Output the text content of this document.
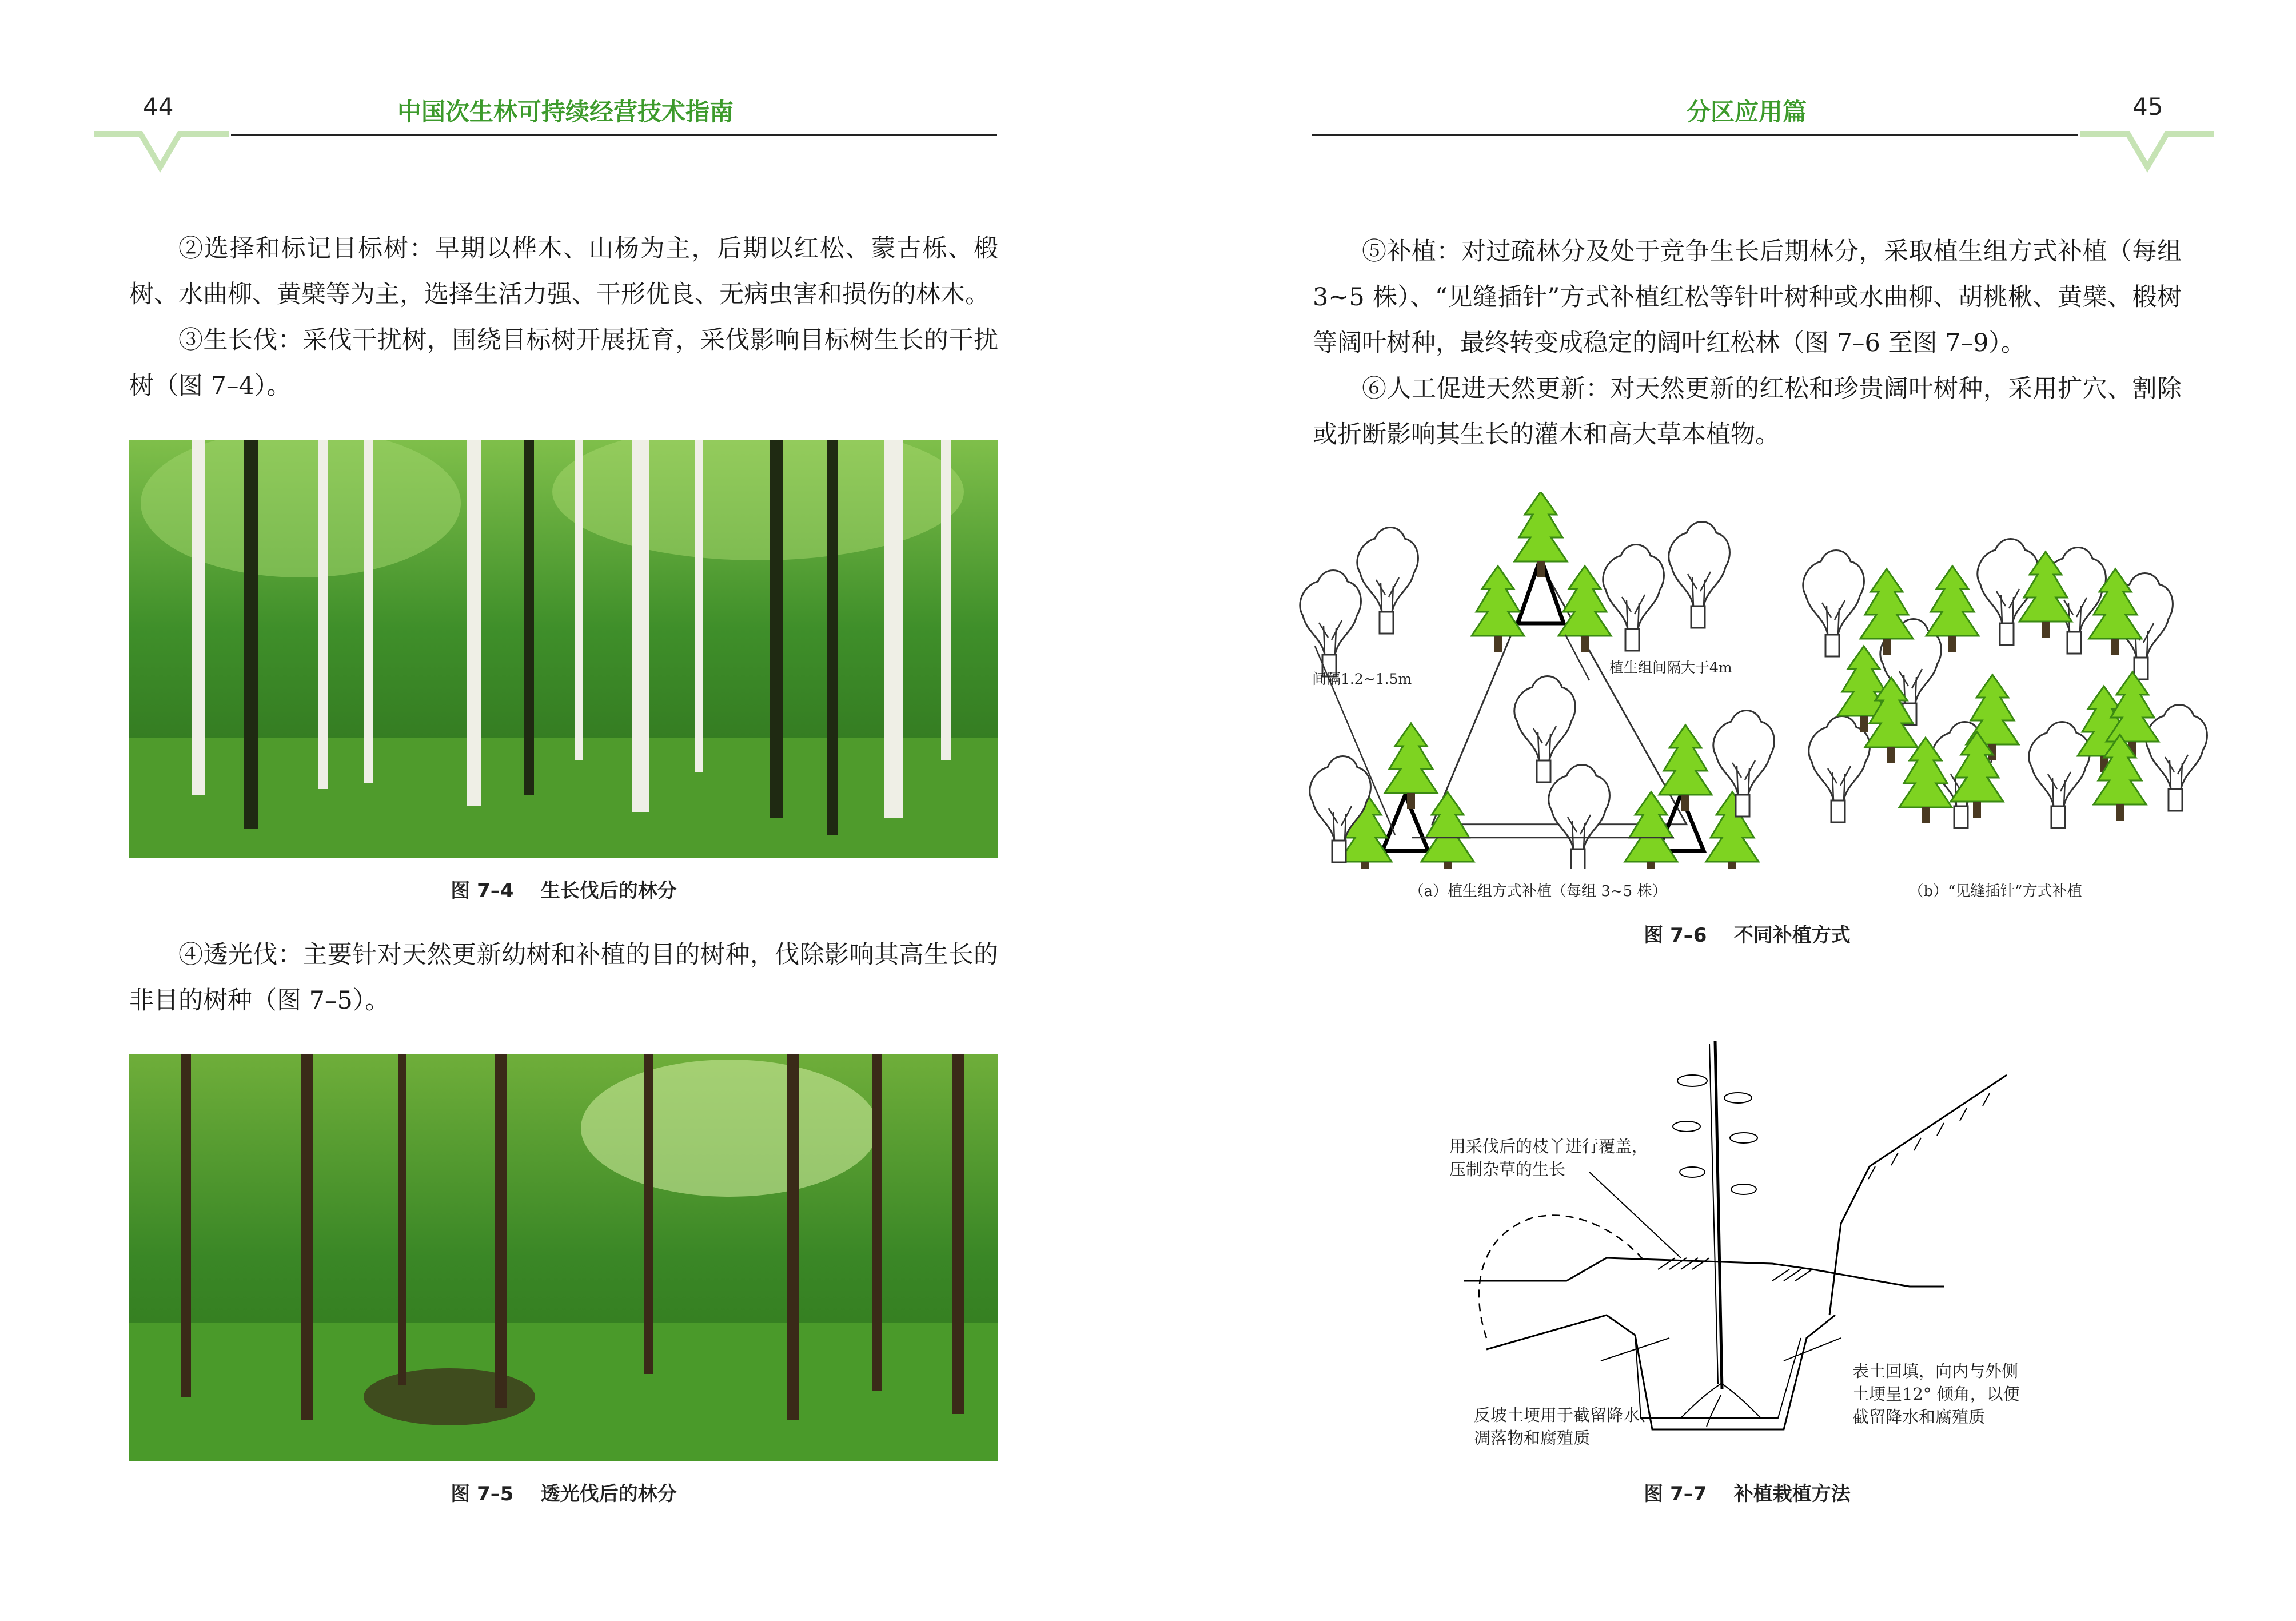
44	中国次生林可持续经营技术指南

②选择和标记目标树：早期以桦木、山杨为主，后期以红松、蒙古栎、椴树、水曲柳、黄檗等为主，选择生活力强、干形优良、无病虫害和损伤的林木。

③生长伐：采伐干扰树，围绕目标树开展抚育，采伐影响目标树生长的干扰树（图 7–4）。

图 7–4    生长伐后的林分

④透光伐：主要针对天然更新幼树和补植的目的树种，伐除影响其高生长的非目的树种（图 7–5）。

图 7–5    透光伐后的林分
分区应用篇	45

⑤补植：对过疏林分及处于竞争生长后期林分，采取植生组方式补植（每组 3~5 株）、“见缝插针”方式补植红松等针叶树种或水曲柳、胡桃楸、黄檗、椴树等阔叶树种，最终转变成稳定的阔叶红松林（图 7–6 至图 7–9）。

⑥人工促进天然更新：对天然更新的红松和珍贵阔叶树种，采用扩穴、割除或折断影响其生长的灌木和高大草本植物。

间隔1.2~1.5m
植生组间隔大于4m
（a）植生组方式补植（每组 3~5 株）	（b）“见缝插针”方式补植
图 7–6    不同补植方式
用采伐后的枝丫进行覆盖，
压制杂草的生长
反坡土埂用于截留降水、
凋落物和腐殖质
表土回填，向内与外侧
土埂呈12° 倾角，以便
截留降水和腐殖质
图 7–7    补植栽植方法
